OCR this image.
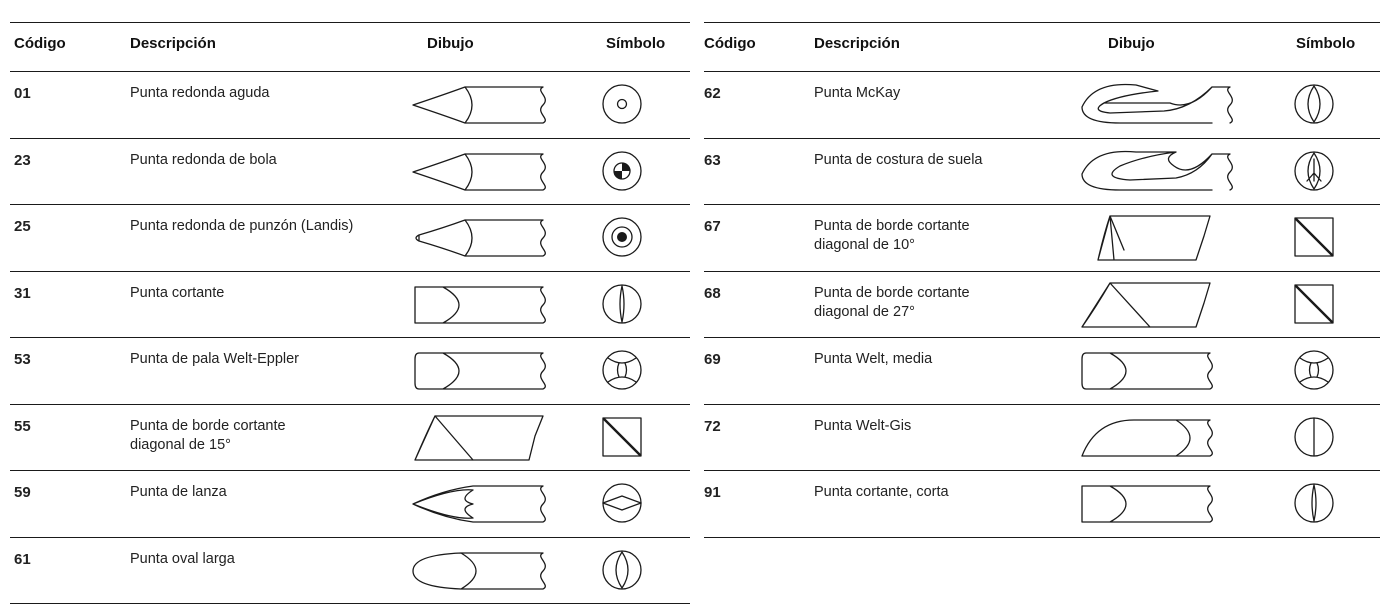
Código	Descripción	Dibujo	Símbolo
01	Punta redonda aguda
23	Punta redonda de bola
25	Punta redonda de punzón (Landis)
31	Punta cortante
53	Punta de pala Welt-Eppler
55	Punta de borde cortante
diagonal de 15°
59	Punta de lanza
61	Punta oval larga
Código	Descripción	Dibujo	Símbolo
62	Punta McKay
63	Punta de costura de suela
67	Punta de borde cortante
diagonal de 10°
68	Punta de borde cortante
diagonal de 27°
69	Punta Welt, media
72	Punta Welt-Gis
91	Punta cortante, corta
